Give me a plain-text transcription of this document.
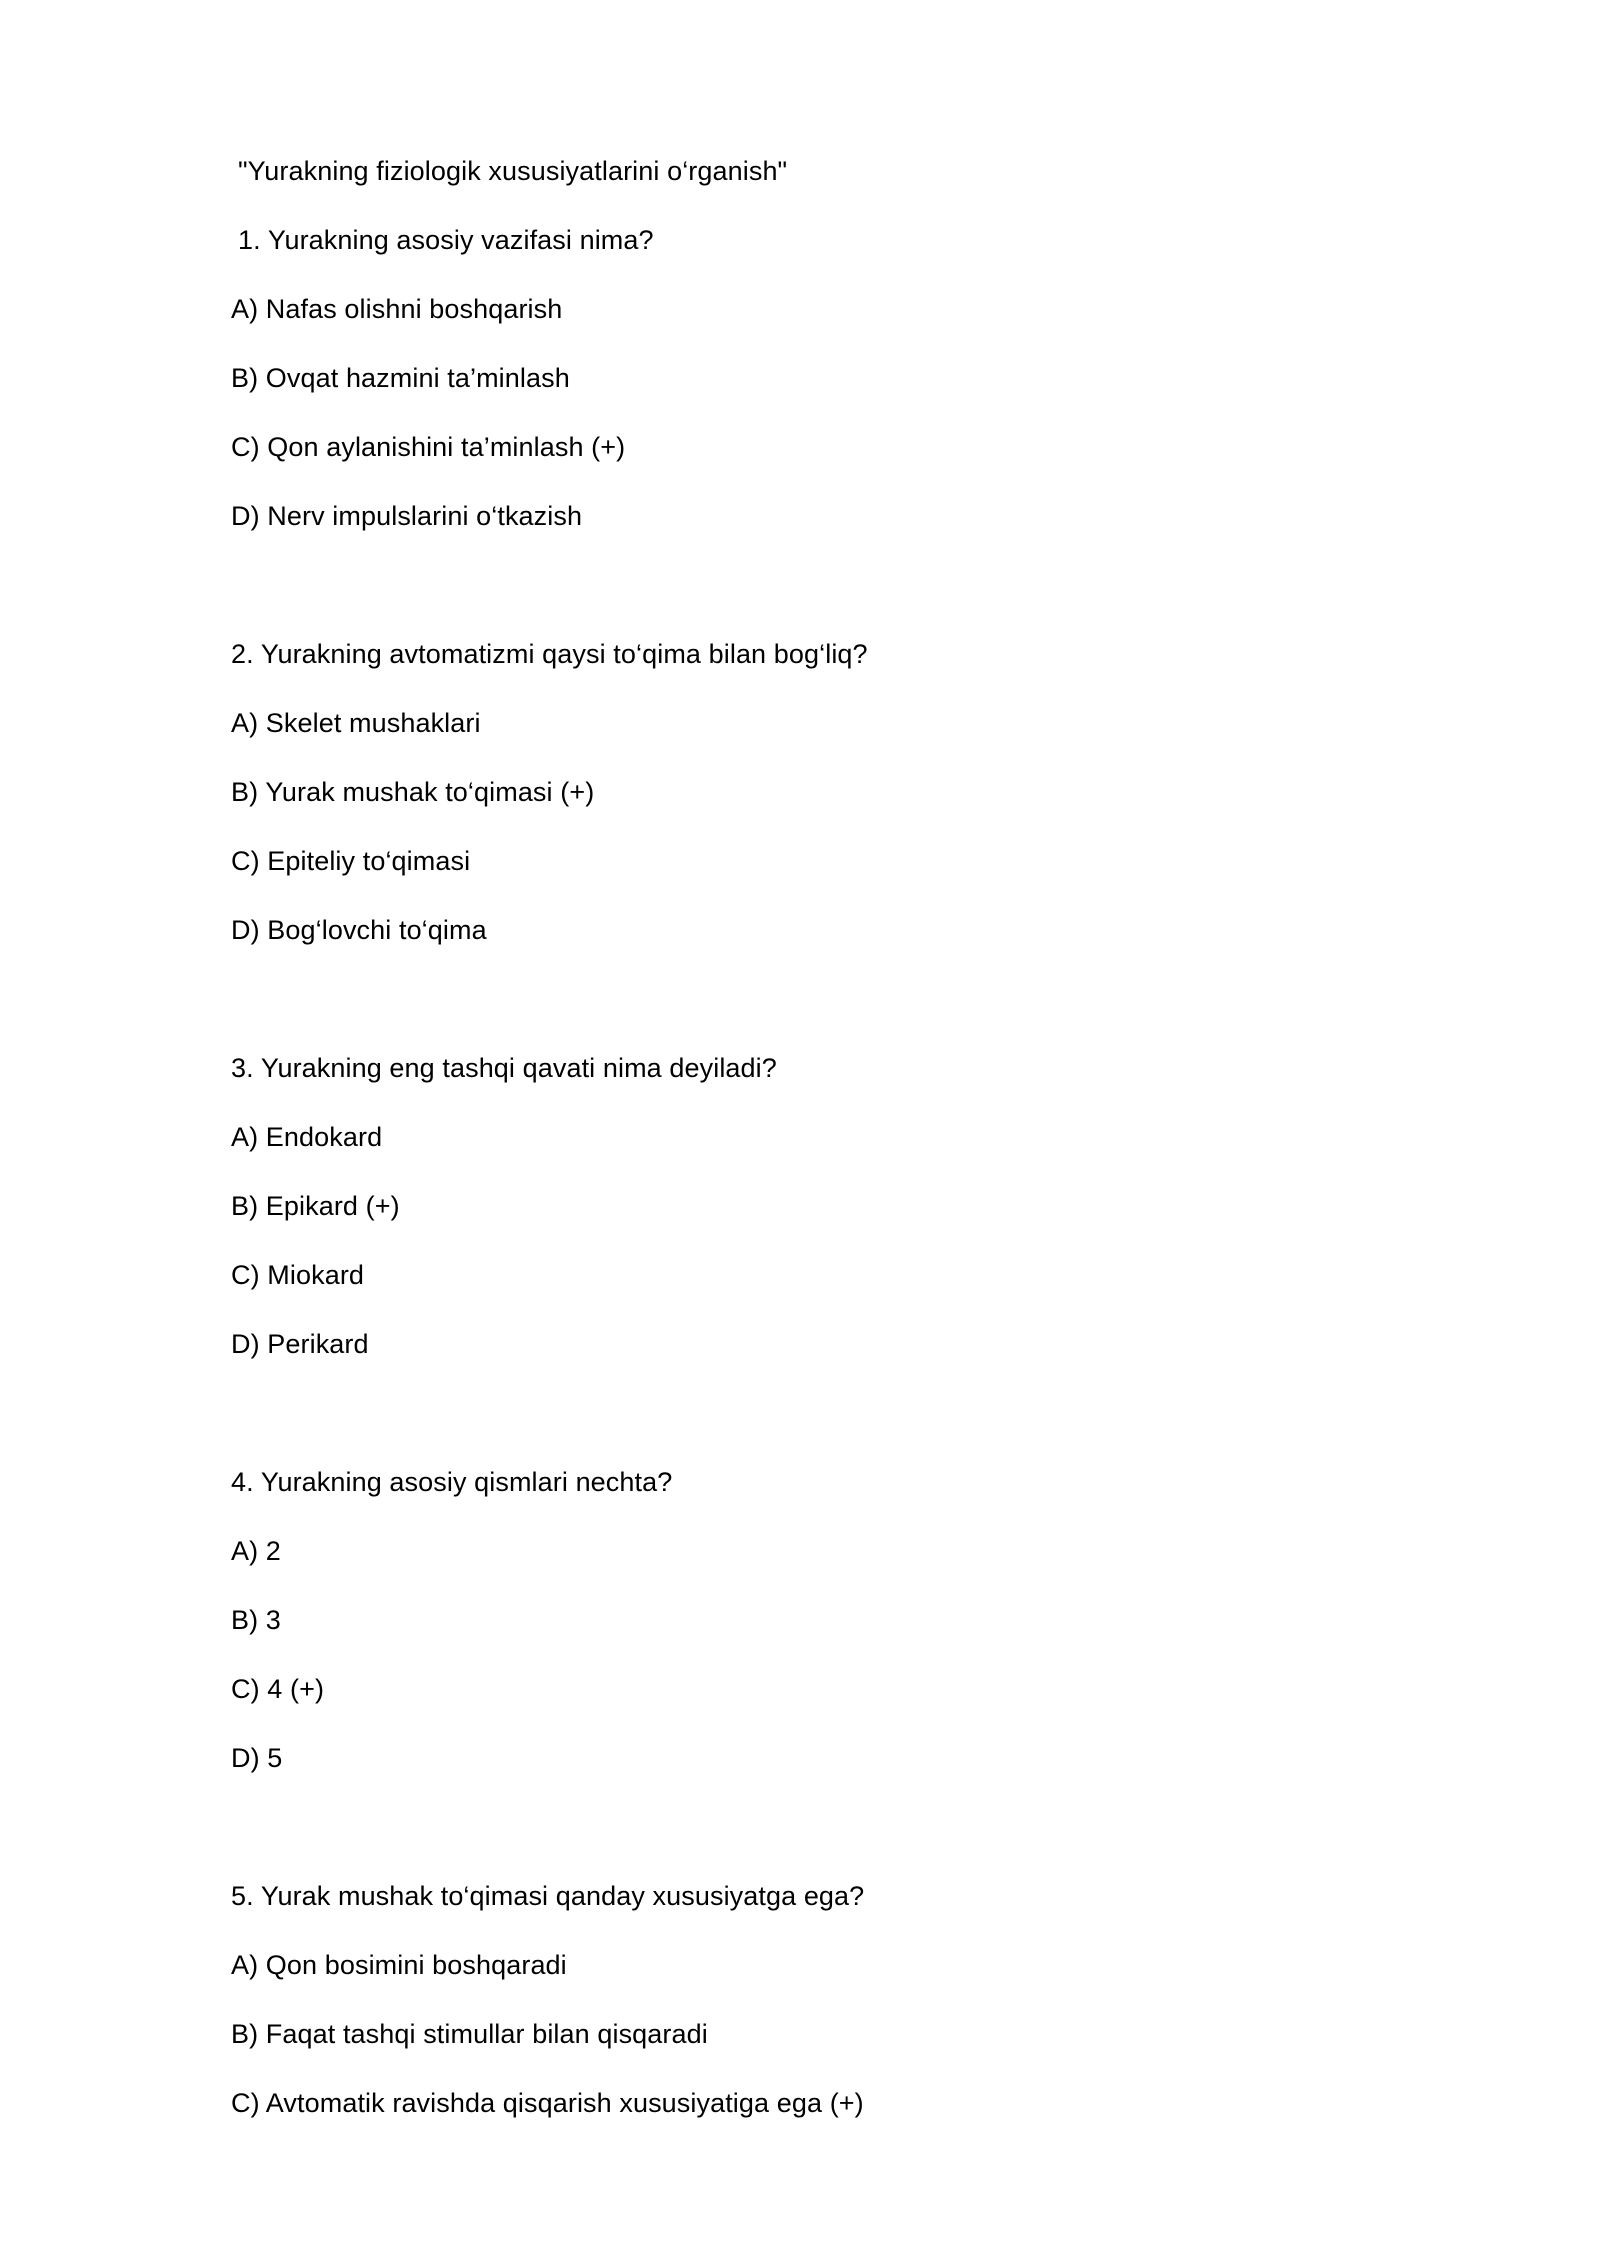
"Yurakning fiziologik xususiyatlarini o‘rganish"
1. Yurakning asosiy vazifasi nima?
A) Nafas olishni boshqarish
B) Ovqat hazmini ta’minlash
C) Qon aylanishini ta’minlash (+)
D) Nerv impulslarini o‘tkazish
2. Yurakning avtomatizmi qaysi to‘qima bilan bog‘liq?
A) Skelet mushaklari
B) Yurak mushak to‘qimasi (+)
C) Epiteliy to‘qimasi
D) Bog‘lovchi to‘qima
3. Yurakning eng tashqi qavati nima deyiladi?
A) Endokard
B) Epikard (+)
C) Miokard
D) Perikard
4. Yurakning asosiy qismlari nechta?
A) 2
B) 3
C) 4 (+)
D) 5
5. Yurak mushak to‘qimasi qanday xususiyatga ega?
A) Qon bosimini boshqaradi
B) Faqat tashqi stimullar bilan qisqaradi
C) Avtomatik ravishda qisqarish xususiyatiga ega (+)
